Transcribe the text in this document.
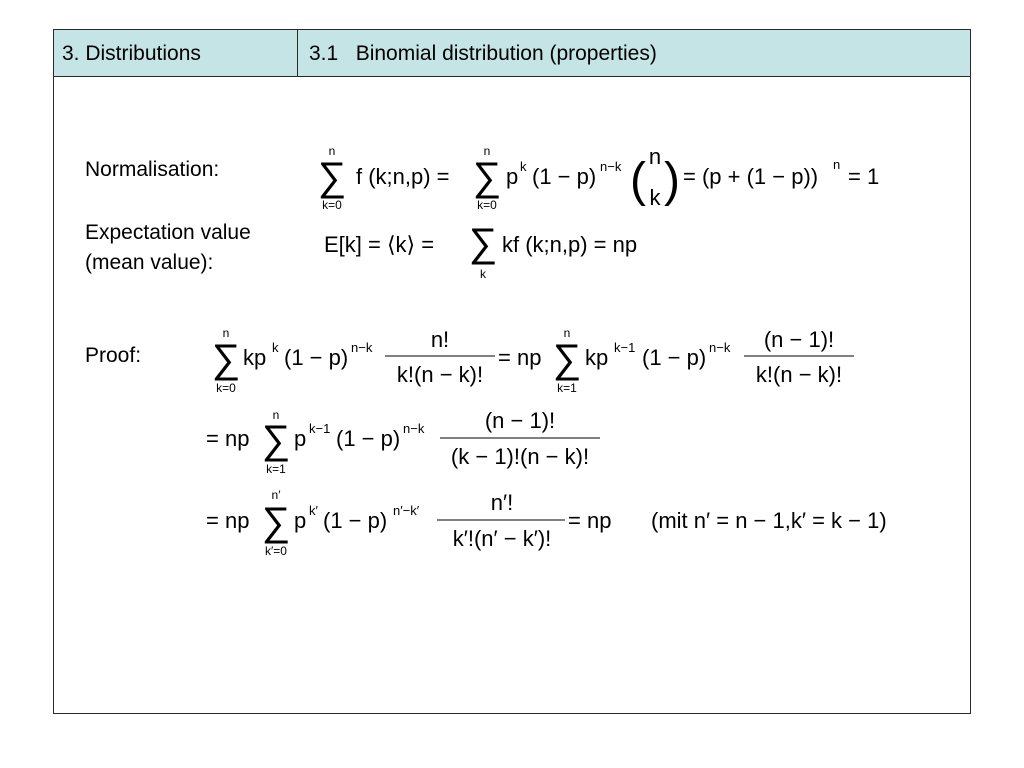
3. Distributions	3.1   Binomial distribution (properties)
Normalisation:
Expectation value
(mean value):
Proof:
n
∑
k=0
f (k;n,p) =
n
∑
k=0
p k (1 − p) n−k ( n
k ) = (p + (1 − p)) n = 1
E[k] = ⟨k⟩ = ∑
k
kf (k;n,p) = np
n
∑
k=0
kp k (1 − p) n−k	n!
k!(n − k)!
= np
n
∑
k=1
kp k−1 (1 − p) n−k (n − 1)!
k!(n − k)!
= np
n
∑
k=1
p k−1 (1 − p) n−k	(n − 1)!
(k − 1)!(n − k)!
= np
n′
∑
k′=0
p k′ (1 − p) n′−k′	n′!
k′!(n′ − k′)!
= np (mit n′ = n − 1,k′ = k − 1)
